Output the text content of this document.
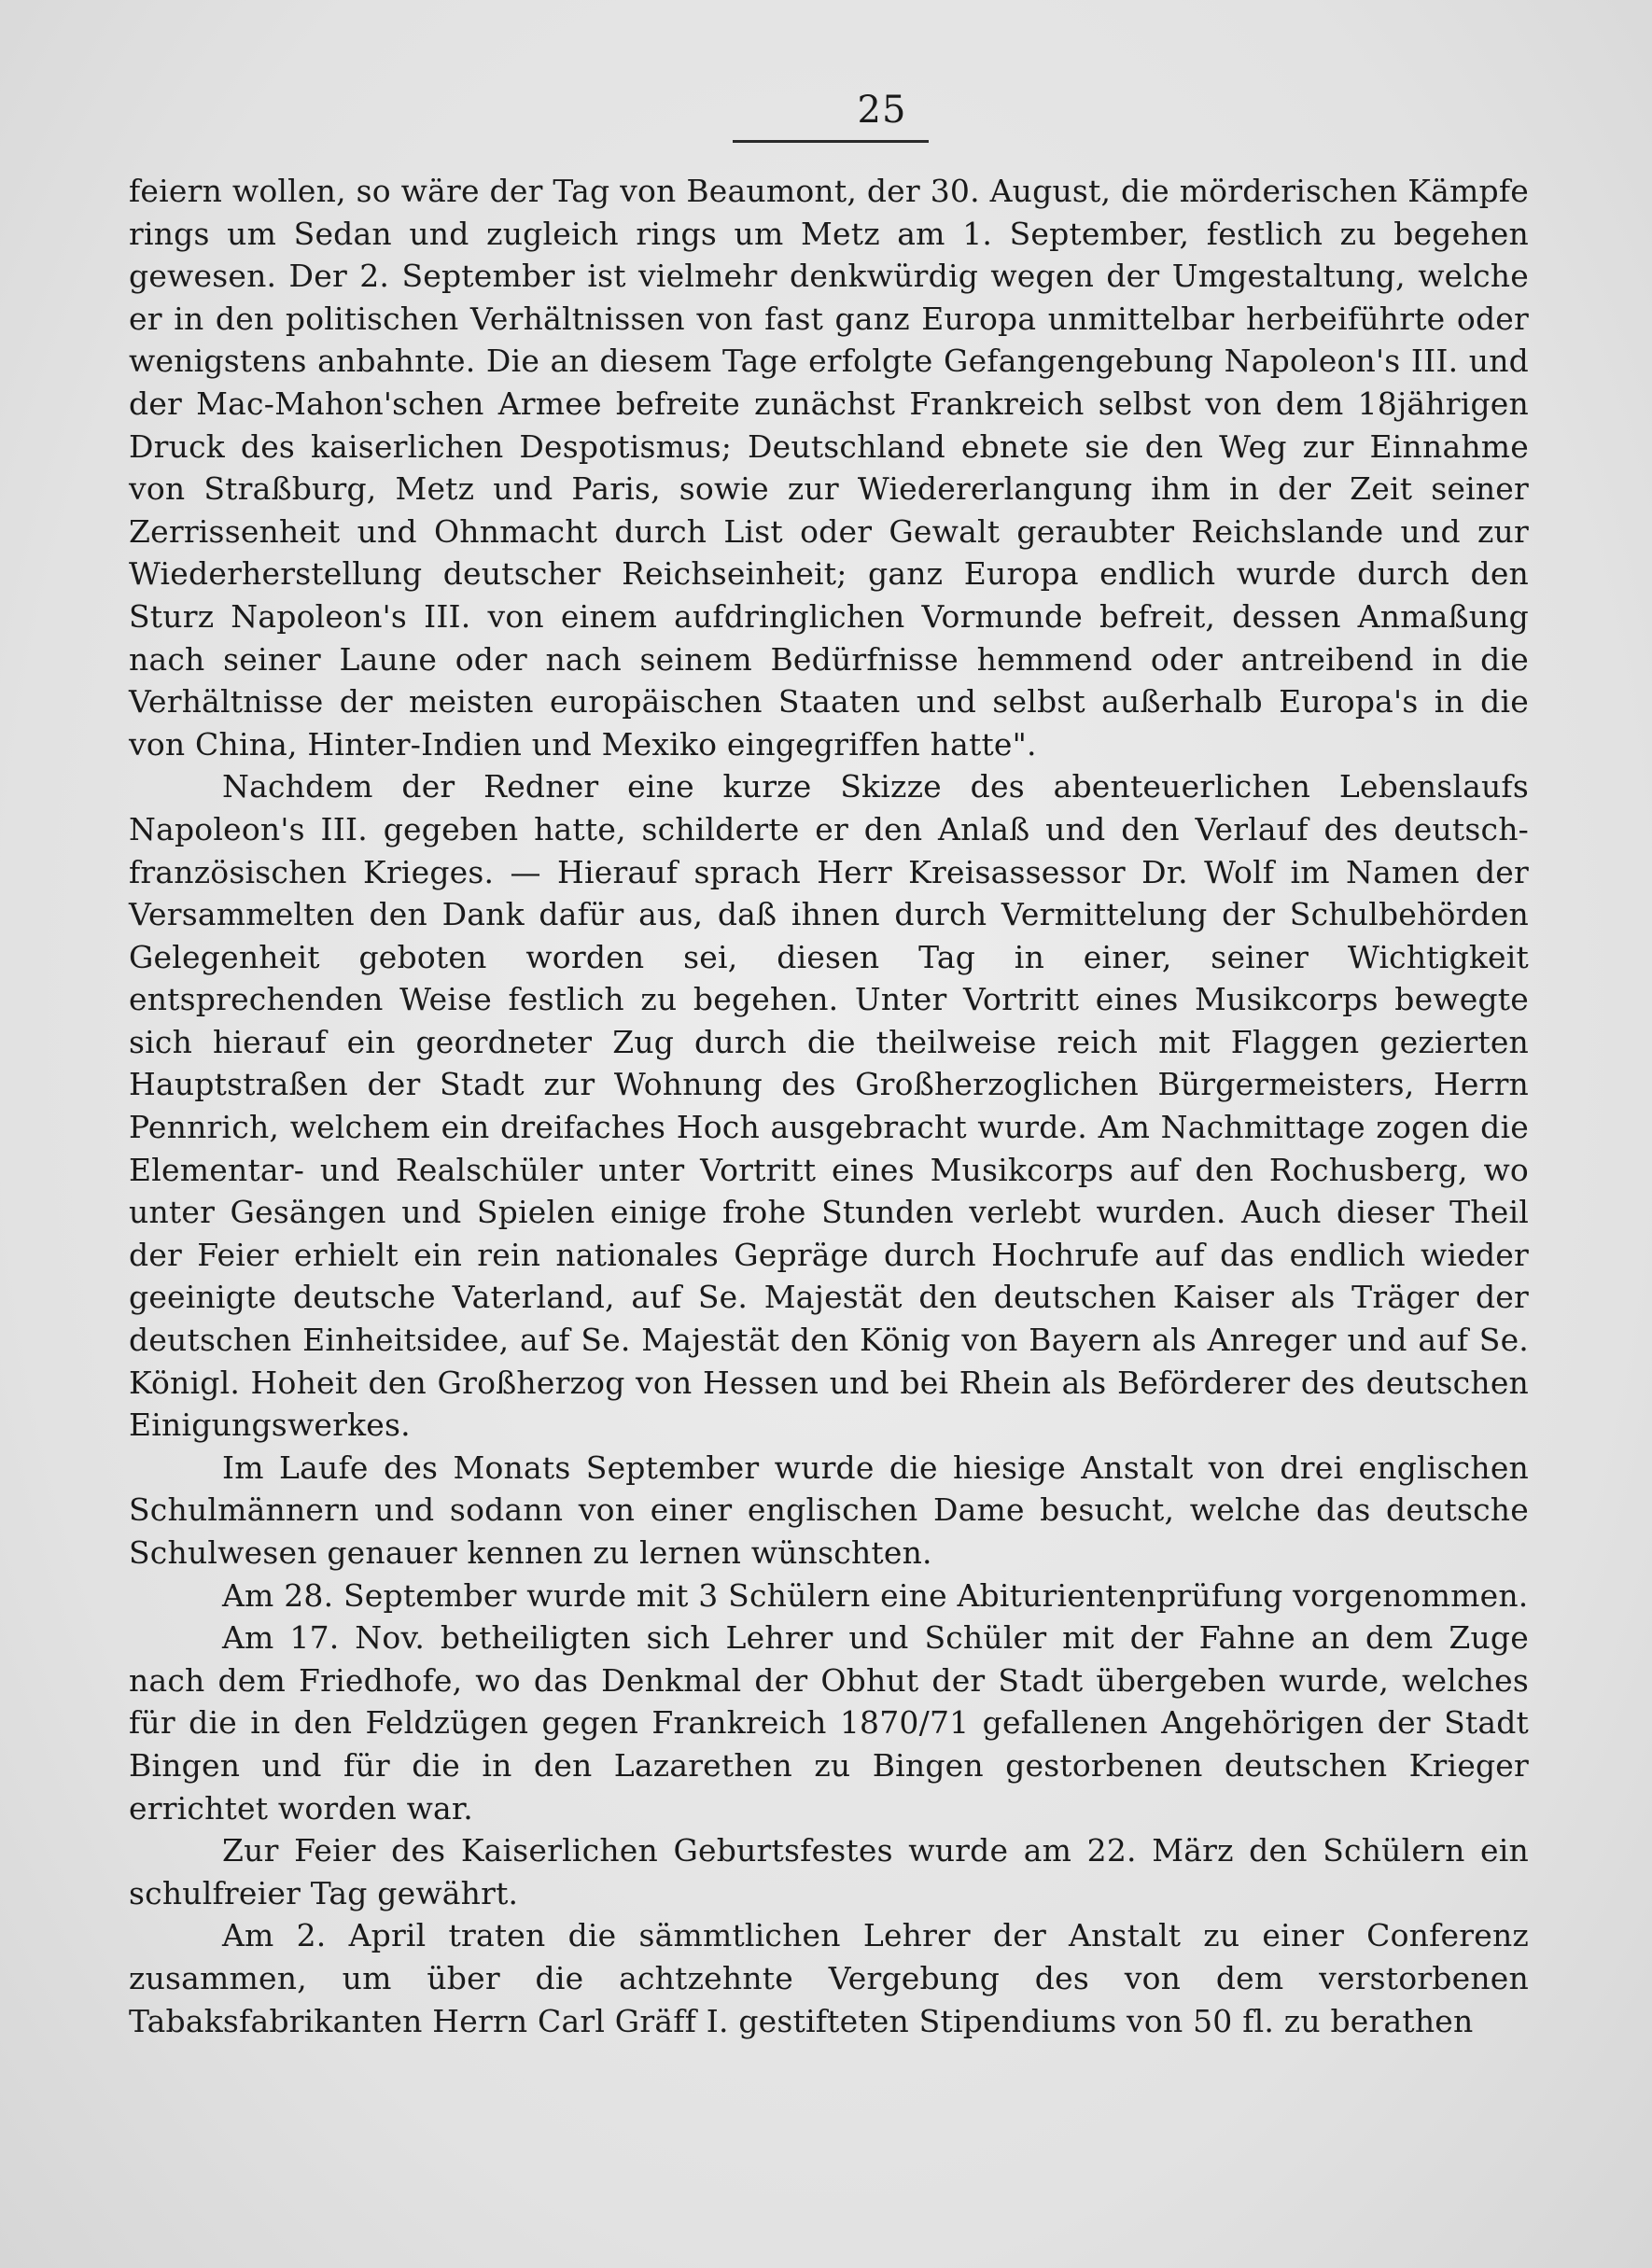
25

feiern wollen, so wäre der Tag von Beaumont, der 30. August, die mörderischen Kämpfe rings um Sedan und zugleich rings um Metz am 1. September, festlich zu begehen gewesen. Der 2. September ist vielmehr denkwürdig wegen der Umgestaltung, welche er in den politischen Verhältnissen von fast ganz Europa unmittelbar herbeiführte oder wenigstens anbahnte. Die an diesem Tage erfolgte Gefangengebung Napoleon's III. und der Mac-Mahon'schen Armee befreite zunächst Frankreich selbst von dem 18jährigen Druck des kaiserlichen Despotismus; Deutschland ebnete sie den Weg zur Einnahme von Straßburg, Metz und Paris, sowie zur Wiedererlangung ihm in der Zeit seiner Zerrissenheit und Ohnmacht durch List oder Gewalt geraubter Reichslande und zur Wiederherstellung deutscher Reichseinheit; ganz Europa endlich wurde durch den Sturz Napoleon's III. von einem aufdringlichen Vormunde befreit, dessen Anmaßung nach seiner Laune oder nach seinem Bedürfnisse hemmend oder antreibend in die Verhältnisse der meisten europäischen Staaten und selbst außerhalb Europa's in die von China, Hinter-Indien und Mexiko eingegriffen hatte".

Nachdem der Redner eine kurze Skizze des abenteuerlichen Lebenslaufs Napoleon's III. gegeben hatte, schilderte er den Anlaß und den Verlauf des deutsch-französischen Krieges. — Hierauf sprach Herr Kreisassessor Dr. Wolf im Namen der Versammelten den Dank dafür aus, daß ihnen durch Vermittelung der Schulbehörden Gelegenheit geboten worden sei, diesen Tag in einer, seiner Wichtigkeit entsprechenden Weise festlich zu begehen. Unter Vortritt eines Musikcorps bewegte sich hierauf ein geordneter Zug durch die theilweise reich mit Flaggen gezierten Hauptstraßen der Stadt zur Wohnung des Großherzoglichen Bürgermeisters, Herrn Pennrich, welchem ein dreifaches Hoch ausgebracht wurde. Am Nachmittage zogen die Elementar- und Realschüler unter Vortritt eines Musikcorps auf den Rochusberg, wo unter Gesängen und Spielen einige frohe Stunden verlebt wurden. Auch dieser Theil der Feier erhielt ein rein nationales Gepräge durch Hochrufe auf das endlich wieder geeinigte deutsche Vaterland, auf Se. Majestät den deutschen Kaiser als Träger der deutschen Einheitsidee, auf Se. Majestät den König von Bayern als Anreger und auf Se. Königl. Hoheit den Großherzog von Hessen und bei Rhein als Beförderer des deutschen Einigungswerkes.

Im Laufe des Monats September wurde die hiesige Anstalt von drei englischen Schulmännern und sodann von einer englischen Dame besucht, welche das deutsche Schulwesen genauer kennen zu lernen wünschten.

Am 28. September wurde mit 3 Schülern eine Abiturientenprüfung vorgenommen.

Am 17. Nov. betheiligten sich Lehrer und Schüler mit der Fahne an dem Zuge nach dem Friedhofe, wo das Denkmal der Obhut der Stadt übergeben wurde, welches für die in den Feldzügen gegen Frankreich 1870/71 gefallenen Angehörigen der Stadt Bingen und für die in den Lazarethen zu Bingen gestorbenen deutschen Krieger errichtet worden war.

Zur Feier des Kaiserlichen Geburtsfestes wurde am 22. März den Schülern ein schulfreier Tag gewährt.

Am 2. April traten die sämmtlichen Lehrer der Anstalt zu einer Conferenz zusammen, um über die achtzehnte Vergebung des von dem verstorbenen Tabaksfabrikanten Herrn Carl Gräff I. gestifteten Stipendiums von 50 fl. zu berathen
